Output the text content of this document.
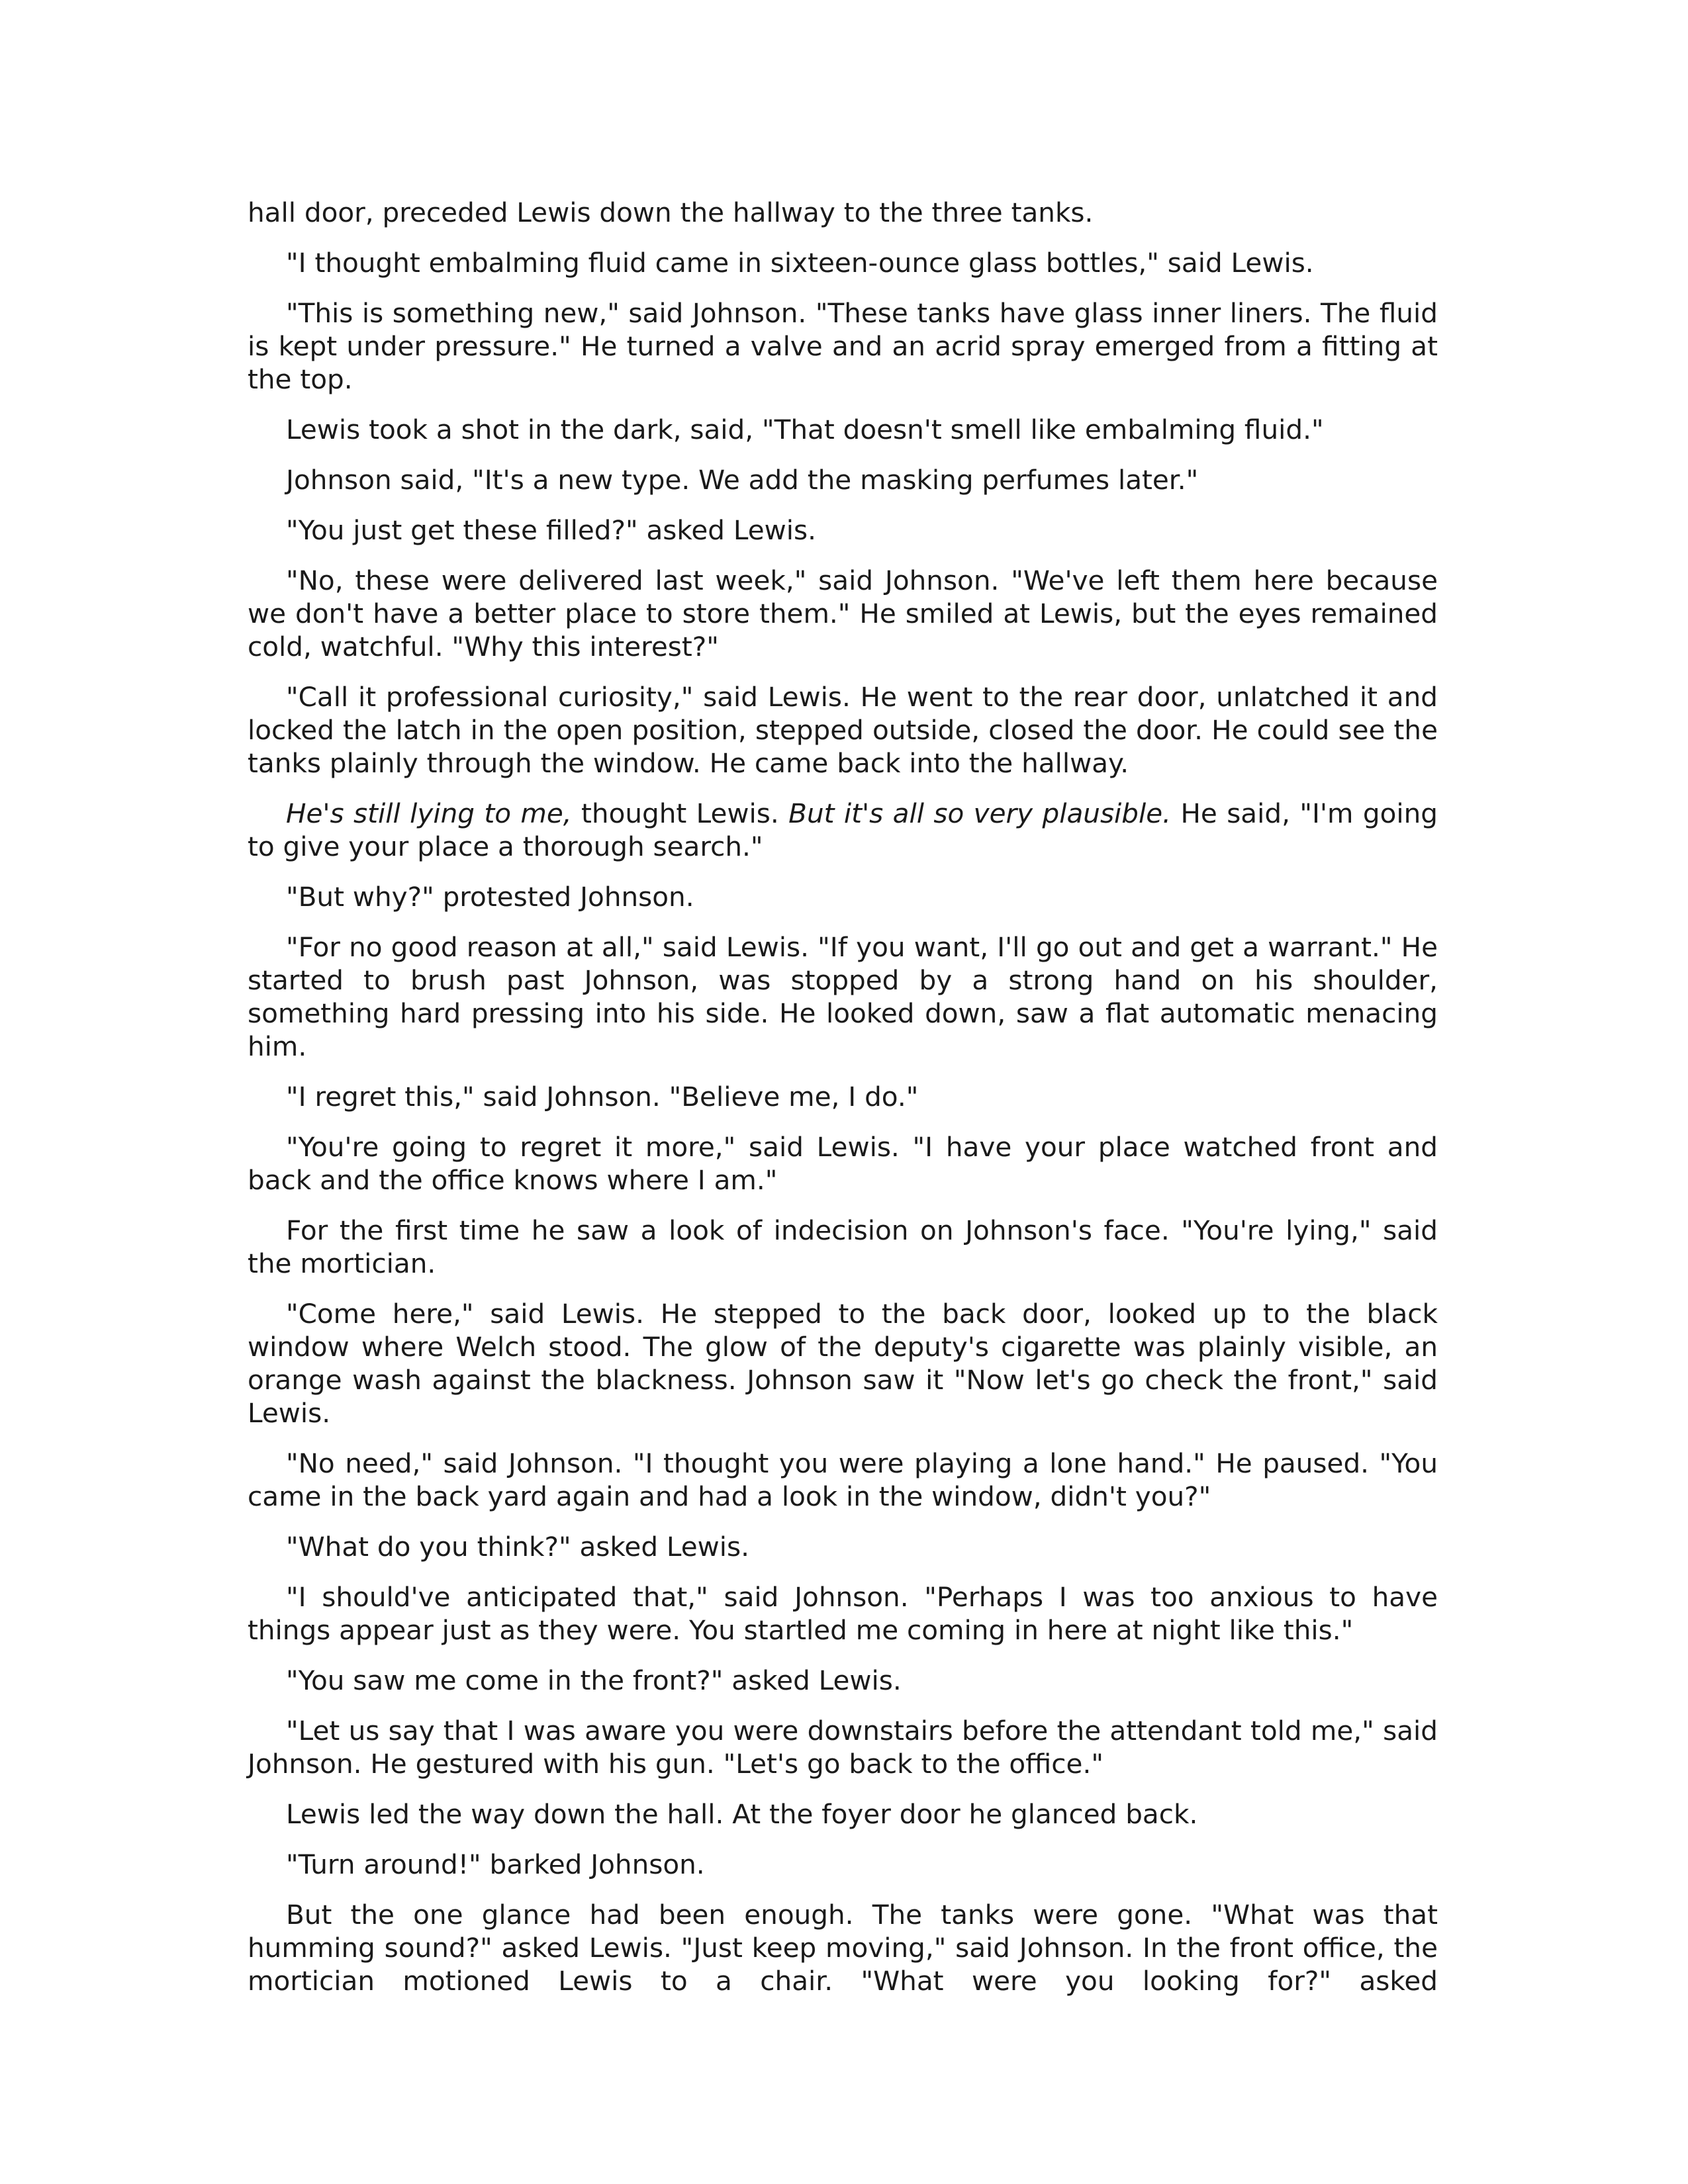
hall door, preceded Lewis down the hallway to the three tanks.

"I thought embalming fluid came in sixteen-ounce glass bottles," said Lewis.

"This is something new," said Johnson. "These tanks have glass inner liners. The fluid is kept under pressure." He turned a valve and an acrid spray emerged from a fitting at the top.

Lewis took a shot in the dark, said, "That doesn't smell like embalming fluid."

Johnson said, "It's a new type. We add the masking perfumes later."

"You just get these filled?" asked Lewis.

"No, these were delivered last week," said Johnson. "We've left them here because we don't have a better place to store them." He smiled at Lewis, but the eyes remained cold, watchful. "Why this interest?"

"Call it professional curiosity," said Lewis. He went to the rear door, unlatched it and locked the latch in the open position, stepped outside, closed the door. He could see the tanks plainly through the window. He came back into the hallway.

He's still lying to me, thought Lewis. But it's all so very plausible. He said, "I'm going to give your place a thorough search."

"But why?" protested Johnson.

"For no good reason at all," said Lewis. "If you want, I'll go out and get a warrant." He started to brush past Johnson, was stopped by a strong hand on his shoulder, something hard pressing into his side. He looked down, saw a flat automatic menacing him.

"I regret this," said Johnson. "Believe me, I do."

"You're going to regret it more," said Lewis. "I have your place watched front and back and the office knows where I am."

For the first time he saw a look of indecision on Johnson's face. "You're lying," said the mortician.

"Come here," said Lewis. He stepped to the back door, looked up to the black window where Welch stood. The glow of the deputy's cigarette was plainly visible, an orange wash against the blackness. Johnson saw it "Now let's go check the front," said Lewis.

"No need," said Johnson. "I thought you were playing a lone hand." He paused. "You came in the back yard again and had a look in the window, didn't you?"

"What do you think?" asked Lewis.

"I should've anticipated that," said Johnson. "Perhaps I was too anxious to have things appear just as they were. You startled me coming in here at night like this."

"You saw me come in the front?" asked Lewis.

"Let us say that I was aware you were downstairs before the attendant told me," said Johnson. He gestured with his gun. "Let's go back to the office."

Lewis led the way down the hall. At the foyer door he glanced back.

"Turn around!" barked Johnson.

But the one glance had been enough. The tanks were gone. "What was that humming sound?" asked Lewis. "Just keep moving," said Johnson. In the front office, the mortician motioned Lewis to a chair. "What were you looking for?" asked
